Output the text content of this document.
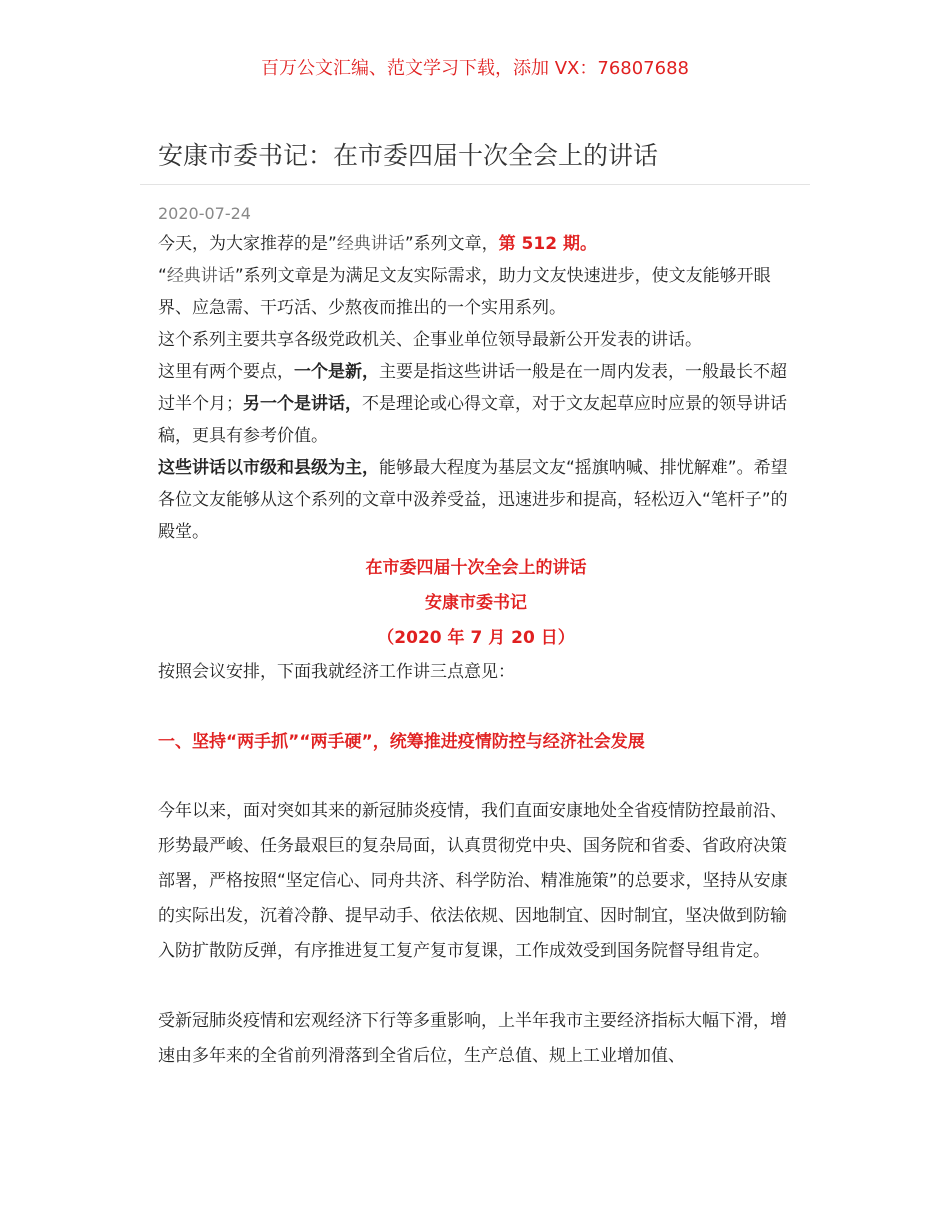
百万公文汇编、范文学习下载，添加 VX：76807688
安康市委书记：在市委四届十次全会上的讲话
2020-07-24

今天，为大家推荐的是”经典讲话”系列文章，第 512 期。

“经典讲话”系列文章是为满足文友实际需求，助力文友快速进步，使文友能够开眼界、应急需、干巧活、少熬夜而推出的一个实用系列。

这个系列主要共享各级党政机关、企事业单位领导最新公开发表的讲话。

这里有两个要点，一个是新，主要是指这些讲话一般是在一周内发表，一般最长不超过半个月；另一个是讲话，不是理论或心得文章，对于文友起草应时应景的领导讲话稿，更具有参考价值。

这些讲话以市级和县级为主，能够最大程度为基层文友“摇旗呐喊、排忧解难”。希望各位文友能够从这个系列的文章中汲养受益，迅速进步和提高，轻松迈入“笔杆子”的殿堂。

在市委四届十次全会上的讲话

安康市委书记

（2020 年 7 月 20 日）

按照会议安排，下面我就经济工作讲三点意见：

一、坚持“两手抓”“两手硬”，统筹推进疫情防控与经济社会发展

今年以来，面对突如其来的新冠肺炎疫情，我们直面安康地处全省疫情防控最前沿、形势最严峻、任务最艰巨的复杂局面，认真贯彻党中央、国务院和省委、省政府决策部署，严格按照“坚定信心、同舟共济、科学防治、精准施策”的总要求，坚持从安康的实际出发，沉着冷静、提早动手、依法依规、因地制宜、因时制宜，坚决做到防输入防扩散防反弹，有序推进复工复产复市复课，工作成效受到国务院督导组肯定。

受新冠肺炎疫情和宏观经济下行等多重影响，上半年我市主要经济指标大幅下滑，增速由多年来的全省前列滑落到全省后位，生产总值、规上工业增加值、
